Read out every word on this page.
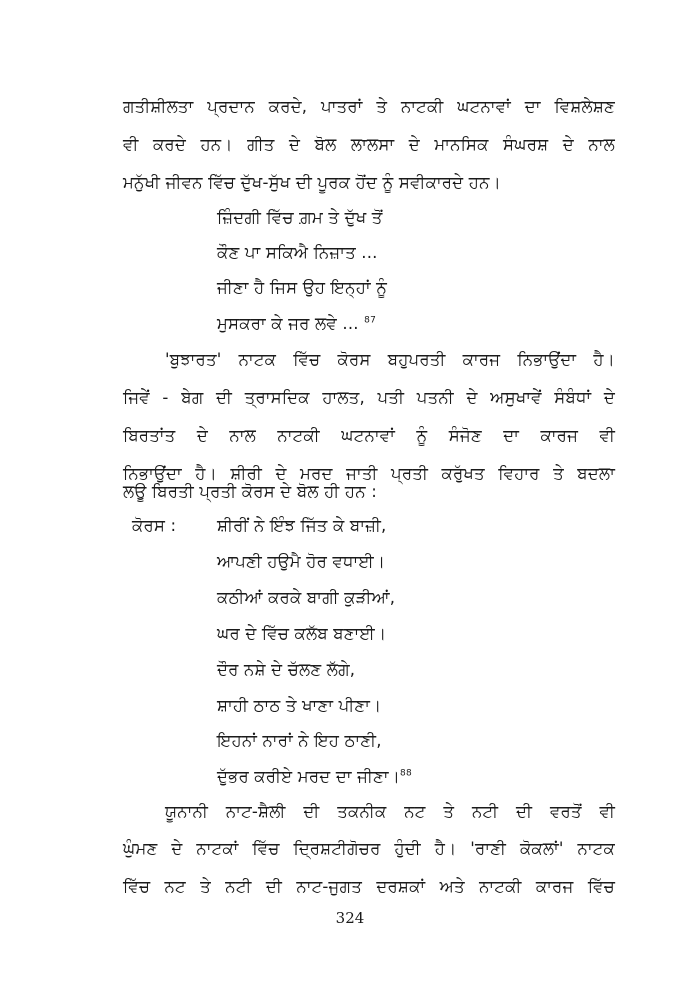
ਗਤੀਸ਼ੀਲਤਾ ਪ੍ਰਦਾਨ ਕਰਦੇ, ਪਾਤਰਾਂ ਤੇ ਨਾਟਕੀ ਘਟਨਾਵਾਂ ਦਾ ਵਿਸ਼ਲੇਸ਼ਣ
ਵੀ ਕਰਦੇ ਹਨ। ਗੀਤ ਦੇ ਬੋਲ ਲਾਲਸਾ ਦੇ ਮਾਨਸਿਕ ਸੰਘਰਸ਼ ਦੇ ਨਾਲ
ਮਨੁੱਖੀ ਜੀਵਨ ਵਿੱਚ ਦੁੱਖ-ਸੁੱਖ ਦੀ ਪੂਰਕ ਹੋਂਦ ਨੂੰ ਸਵੀਕਾਰਦੇ ਹਨ।
ਜ਼ਿੰਦਗੀ ਵਿੱਚ ਗ਼ਮ ਤੇ ਦੁੱਖ ਤੋਂ
ਕੌਣ ਪਾ ਸਕਿਐ ਨਿਜ਼ਾਤ ...
ਜੀਣਾ ਹੈ ਜਿਸ ਉਹ ਇਨ੍ਹਾਂ ਨੂੰ
ਮੁਸਕਰਾ ਕੇ ਜਰ ਲਵੇ ... $^{87}$
'ਬੁਝਾਰਤ' ਨਾਟਕ ਵਿੱਚ ਕੋਰਸ ਬਹੁਪਰਤੀ ਕਾਰਜ ਨਿਭਾਉਂਦਾ ਹੈ।
ਜਿਵੇਂ - ਬੇਗ ਦੀ ਤ੍ਰਾਸਦਿਕ ਹਾਲਤ, ਪਤੀ ਪਤਨੀ ਦੇ ਅਸੁਖਾਵੇਂ ਸੰਬੰਧਾਂ ਦੇ
ਬਿਰਤਾਂਤ ਦੇ ਨਾਲ ਨਾਟਕੀ ਘਟਨਾਵਾਂ ਨੂੰ ਸੰਜੋਣ ਦਾ ਕਾਰਜ ਵੀ
ਨਿਭਾਉਂਦਾ ਹੈ। ਸ਼ੀਰੀ ਦੇ ਮਰਦ ਜਾਤੀ ਪ੍ਰਤੀ ਕਰੁੱਖਤ ਵਿਹਾਰ ਤੇ ਬਦਲਾ
ਲਊ ਬਿਰਤੀ ਪ੍ਰਤੀ ਕੋਰਸ ਦੇ ਬੋਲ ਹੀ ਹਨ :
ਕੋਰਸ : ਸ਼ੀਰੀਂ ਨੇ ਇੰਝ ਜਿੱਤ ਕੇ ਬਾਜ਼ੀ,
ਆਪਣੀ ਹਉਮੈ ਹੋਰ ਵਧਾਈ।
ਕਠੀਆਂ ਕਰਕੇ ਬਾਗੀ ਕੁੜੀਆਂ,
ਘਰ ਦੇ ਵਿੱਚ ਕਲੱਬ ਬਣਾਈ।
ਦੌਰ ਨਸ਼ੇ ਦੇ ਚੱਲਣ ਲੱਗੇ,
ਸ਼ਾਹੀ ਠਾਠ ਤੇ ਖਾਣਾ ਪੀਣਾ।
ਇਹਨਾਂ ਨਾਰਾਂ ਨੇ ਇਹ ਠਾਣੀ,
ਦੁੱਭਰ ਕਰੀਏ ਮਰਦ ਦਾ ਜੀਣਾ।$^{88}$
ਯੂਨਾਨੀ ਨਾਟ-ਸ਼ੈਲੀ ਦੀ ਤਕਨੀਕ ਨਟ ਤੇ ਨਟੀ ਦੀ ਵਰਤੋਂ ਵੀ
ਘੁੰਮਣ ਦੇ ਨਾਟਕਾਂ ਵਿੱਚ ਦ੍ਰਿਸ਼ਟੀਗੋਚਰ ਹੁੰਦੀ ਹੈ। 'ਰਾਣੀ ਕੋਕਲਾਂ' ਨਾਟਕ
ਵਿੱਚ ਨਟ ਤੇ ਨਟੀ ਦੀ ਨਾਟ-ਜੁਗਤ ਦਰਸ਼ਕਾਂ ਅਤੇ ਨਾਟਕੀ ਕਾਰਜ ਵਿੱਚ
324
